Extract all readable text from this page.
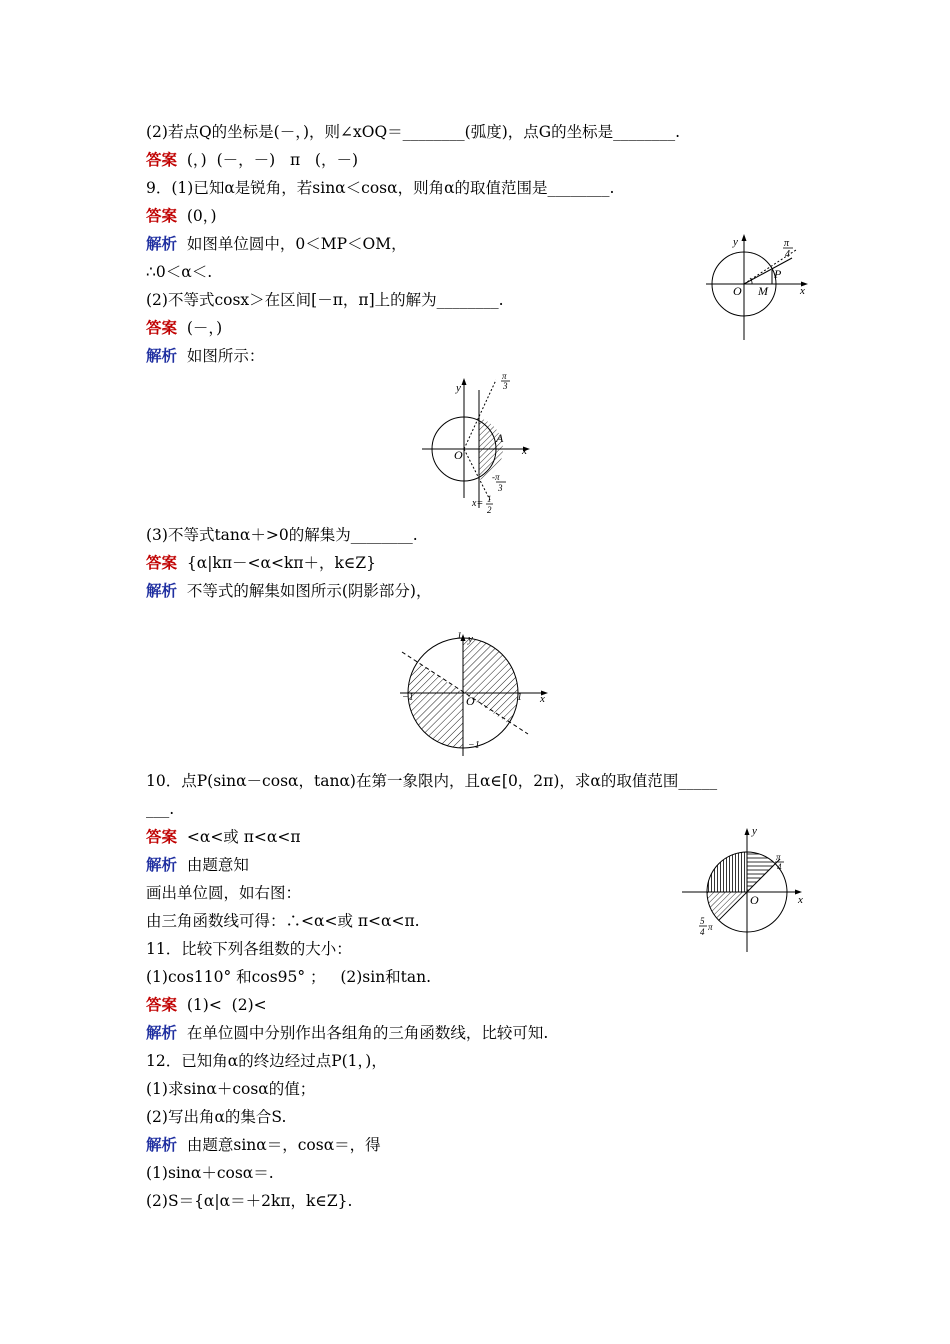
(2)若点Q的坐标是(－，)，则∠xOQ＝________(弧度)，点G的坐标是________.
答案  (，)  (－，－)   π   (，－)
9．(1)已知α是锐角，若sinα＜cosα，则角α的取值范围是________.
答案  (0，)
解析  如图单位圆中，0＜MP＜OM，
∴0＜α＜.
(2)不等式cosx＞在区间[－π，π]上的解为________.
答案  (－，)
解析  如图所示：
(3)不等式tanα＋>0的解集为________.
答案  {α|kπ－<α<kπ＋，k∈Z}
解析  不等式的解集如图所示(阴影部分)，
10．点P(sinα－cosα，tanα)在第一象限内，且α∈[0，2π)，求α的取值范围_____
___.
答案  <α<或 π<α<π
解析  由题意知
画出单位圆，如右图：
由三角函数线可得：∴<α<或 π<α<π.
11．比较下列各组数的大小：
(1)cos110° 和cos95° ；   (2)sin和tan.
答案  (1)<  (2)<
解析  在单位圆中分别作出各组角的三角函数线，比较可知.
12．已知角α的终边经过点P(1，)，
(1)求sinα＋cosα的值；
(2)写出角α的集合S.
解析  由题意sinα＝，cosα＝，得
(1)sinα＋cosα＝.
(2)S＝{α|α＝＋2kπ，k∈Z}.
y
x
O M
P
π
4
y
x
O
A
π
3
-π
3
x= 1
2
y
x
O
1
−1
1
−1
y
x
O
π
4
5
4 π
